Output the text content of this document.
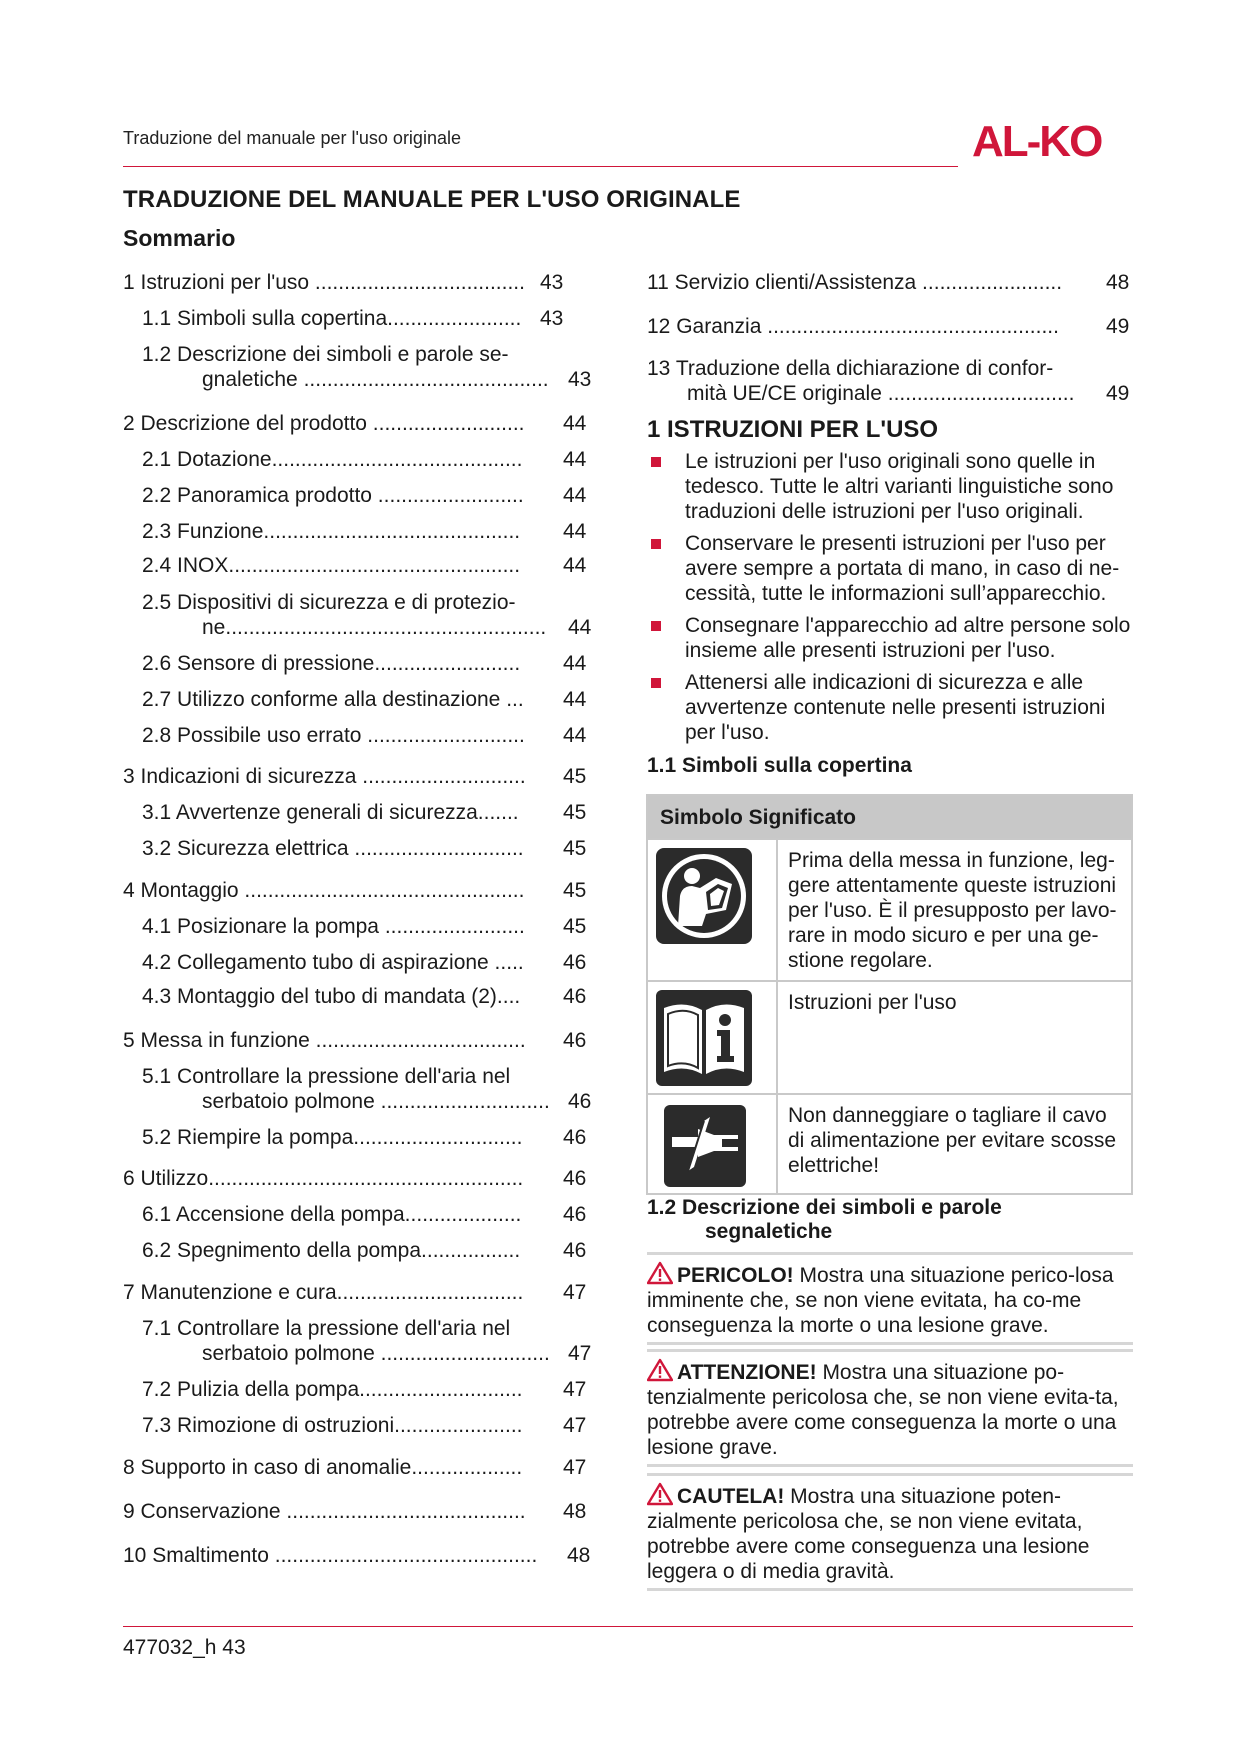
Traduzione del manuale per l'uso originale	AL-KO
TRADUZIONE DEL MANUALE PER L'USO ORIGINALE
Sommario
1 Istruzioni per l'uso .................................... 43
1.1 Simboli sulla copertina....................... 43
1.2 Descrizione dei simboli e parole se-
gnaletiche .......................................... 43
2 Descrizione del prodotto .......................... 44
2.1 Dotazione........................................... 44
2.2 Panoramica prodotto ......................... 44
2.3 Funzione............................................ 44
2.4 INOX.................................................. 44
2.5 Dispositivi di sicurezza e di protezio-
ne....................................................... 44
2.6 Sensore di pressione......................... 44
2.7 Utilizzo conforme alla destinazione ... 44
2.8 Possibile uso errato ........................... 44
3 Indicazioni di sicurezza ............................ 45
3.1 Avvertenze generali di sicurezza....... 45
3.2 Sicurezza elettrica ............................. 45
4 Montaggio ................................................ 45
4.1 Posizionare la pompa ........................ 45
4.2 Collegamento tubo di aspirazione ..... 46
4.3 Montaggio del tubo di mandata (2).... 46
5 Messa in funzione .................................... 46
5.1 Controllare la pressione dell'aria nel
serbatoio polmone ............................. 46
5.2 Riempire la pompa............................. 46
6 Utilizzo...................................................... 46
6.1 Accensione della pompa.................... 46
6.2 Spegnimento della pompa................. 46
7 Manutenzione e cura................................ 47
7.1 Controllare la pressione dell'aria nel
serbatoio polmone ............................. 47
7.2 Pulizia della pompa............................ 47
7.3 Rimozione di ostruzioni...................... 47
8 Supporto in caso di anomalie................... 47
9 Conservazione ......................................... 48
10 Smaltimento ............................................. 48
11 Servizio clienti/Assistenza ........................ 48
12 Garanzia .................................................. 49
13 Traduzione della dichiarazione di confor-
mità UE/CE originale ................................ 49
1 ISTRUZIONI PER L'USO
Le istruzioni per l'uso originali sono quelle in tedesco. Tutte le altri varianti linguistiche sono traduzioni delle istruzioni per l'uso originali.
Conservare le presenti istruzioni per l'uso per avere sempre a portata di mano, in caso di ne-cessità, tutte le informazioni sull’apparecchio.
Consegnare l'apparecchio ad altre persone solo insieme alle presenti istruzioni per l'uso.
Attenersi alle indicazioni di sicurezza e alle avvertenze contenute nelle presenti istruzioni per l'uso.
1.1 Simboli sulla copertina
Simbolo Significato	
	Prima della messa in funzione, leg-gere attentamente queste istruzioni per l'uso. È il presupposto per lavo-rare in modo sicuro e per una ge-stione regolare.
	Istruzioni per l'uso
	Non danneggiare o tagliare il cavo di alimentazione per evitare scosse elettriche!
1.2 Descrizione dei simboli e parole
segnaletiche
PERICOLO! Mostra una situazione perico-losa imminente che, se non viene evitata, ha co-me conseguenza la morte o una lesione grave.
ATTENZIONE! Mostra una situazione po-tenzialmente pericolosa che, se non viene evita-ta, potrebbe avere come conseguenza la morte o una lesione grave.
CAUTELA! Mostra una situazione poten-zialmente pericolosa che, se non viene evitata, potrebbe avere come conseguenza una lesione leggera o di media gravità.
477032_h 43
